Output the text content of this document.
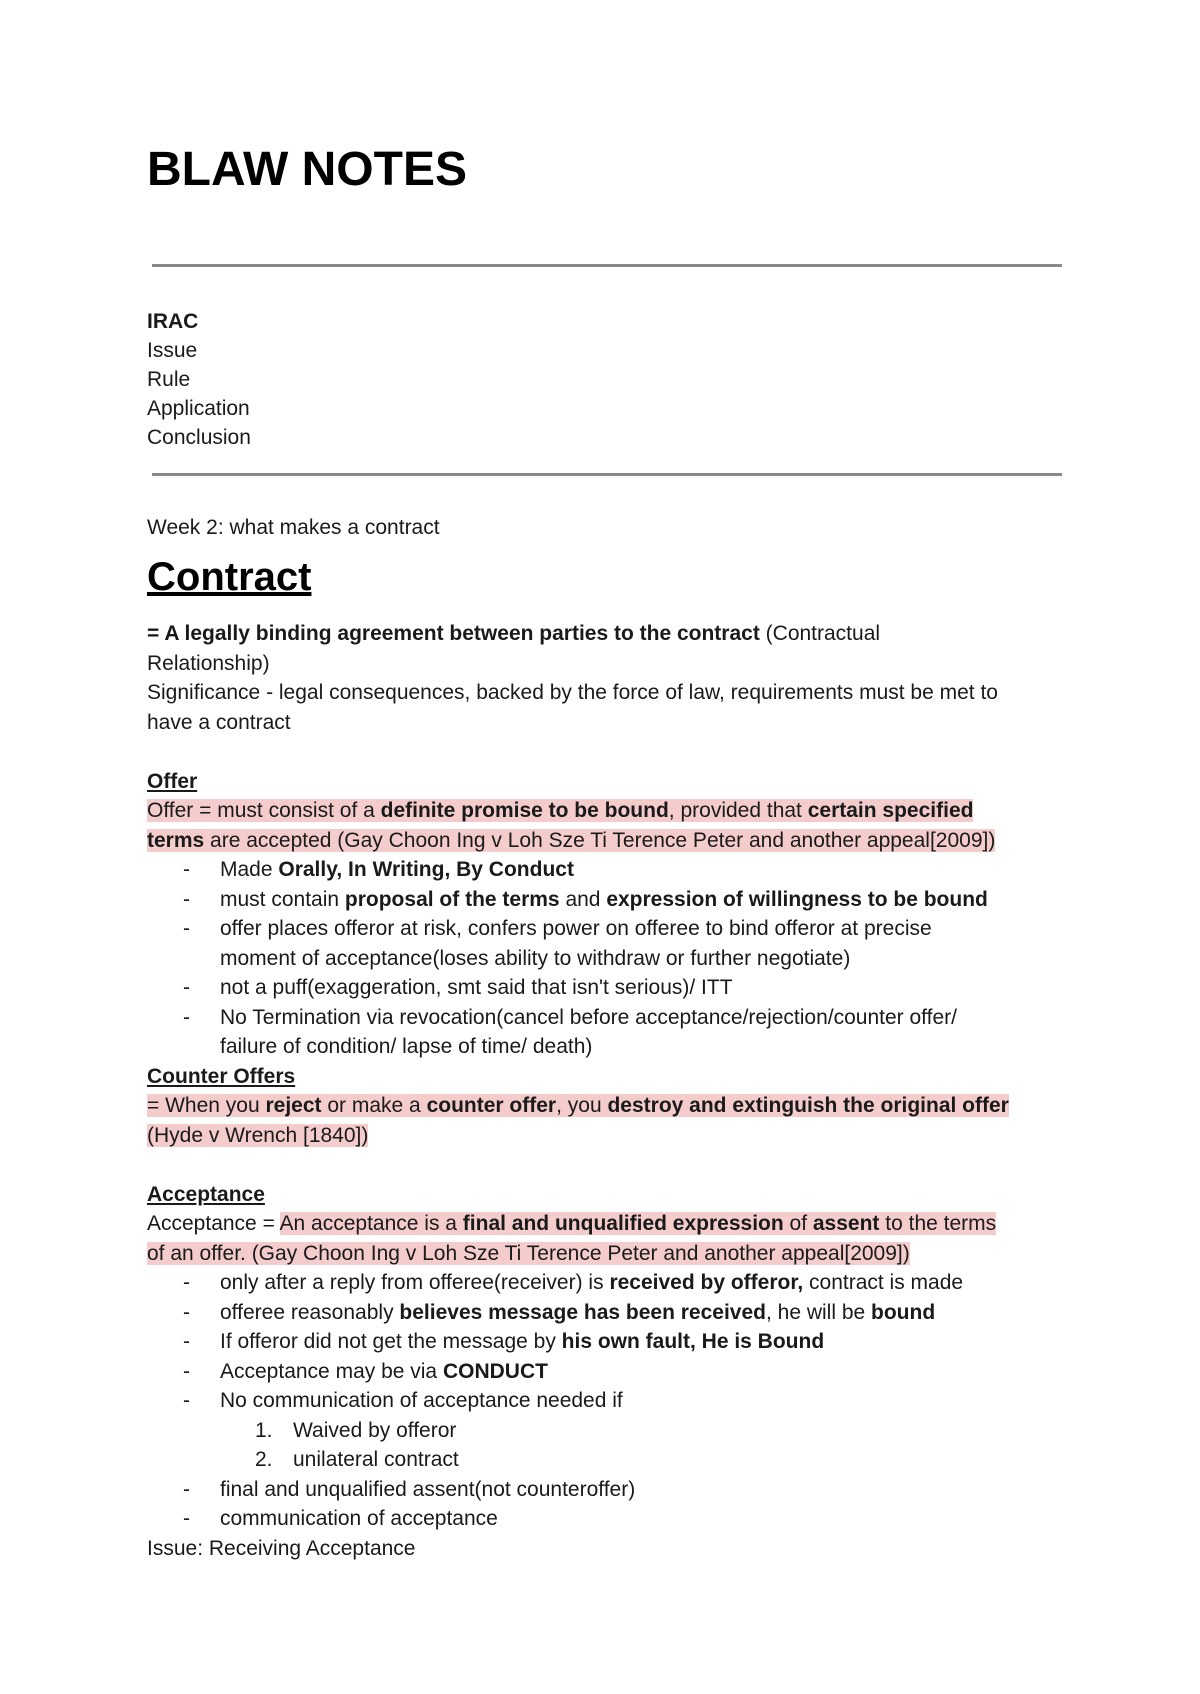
BLAW NOTES
IRAC
Issue
Rule
Application
Conclusion
Week 2: what makes a contract
Contract

= A legally binding agreement between parties to the contract (Contractual
Relationship)

Significance - legal consequences, backed by the force of law, requirements must be met to
have a contract

Offer

Offer = must consist of a definite promise to be bound, provided that certain specified
terms are accepted (Gay Choon Ing v Loh Sze Ti Terence Peter and another appeal[2009])

- Made Orally, In Writing, By Conduct
- must contain proposal of the terms and expression of willingness to be bound
- offer places offeror at risk, confers power on offeree to bind offeror at precise
moment of acceptance(loses ability to withdraw or further negotiate)
- not a puff(exaggeration, smt said that isn't serious)/ ITT
- No Termination via revocation(cancel before acceptance/rejection/counter offer/
failure of condition/ lapse of time/ death)

Counter Offers

= When you reject or make a counter offer, you destroy and extinguish the original offer
(Hyde v Wrench [1840])

Acceptance

Acceptance = An acceptance is a final and unqualified expression of assent to the terms
of an offer. (Gay Choon Ing v Loh Sze Ti Terence Peter and another appeal[2009])

- only after a reply from offeree(receiver) is received by offeror, contract is made
- offeree reasonably believes message has been received, he will be bound
- If offeror did not get the message by his own fault, He is Bound
- Acceptance may be via CONDUCT
- No communication of acceptance needed if
1. Waived by offeror
2. unilateral contract
- final and unqualified assent(not counteroffer)
- communication of acceptance

Issue: Receiving Acceptance
